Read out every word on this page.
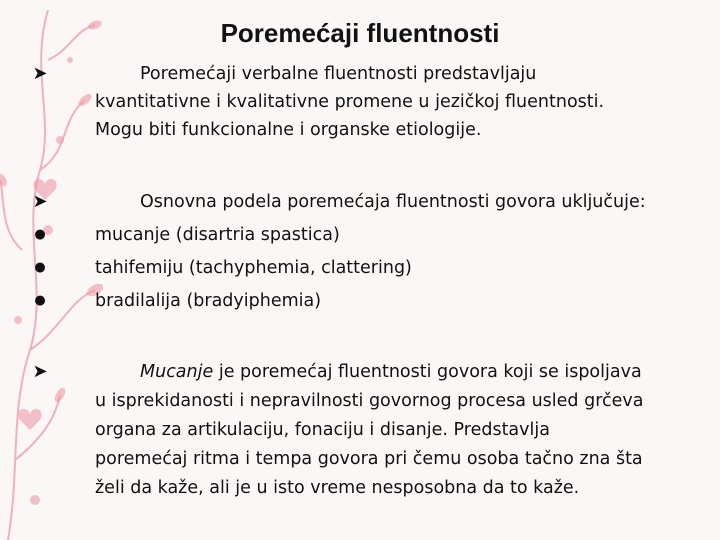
Poremećaji fluentnosti
➤	Poremećaji verbalne fluentnosti predstavljaju
kvantitativne i kvalitativne promene u jezičkoj fluentnosti.
Mogu biti funkcionalne i organske etiologije.
➤	Osnovna podela poremećaja fluentnosti govora uključuje:
●	mucanje (disartria spastica)
●	tahifemiju (tachyphemia, clattering)
●	bradilalija (bradyiphemia)
➤	Mucanje je poremećaj fluentnosti govora koji se ispoljava
u isprekidanosti i nepravilnosti govornog procesa usled grčeva
organa za artikulaciju, fonaciju i disanje. Predstavlja
poremećaj ritma i tempa govora pri čemu osoba tačno zna šta
želi da kaže, ali je u isto vreme nesposobna da to kaže.
